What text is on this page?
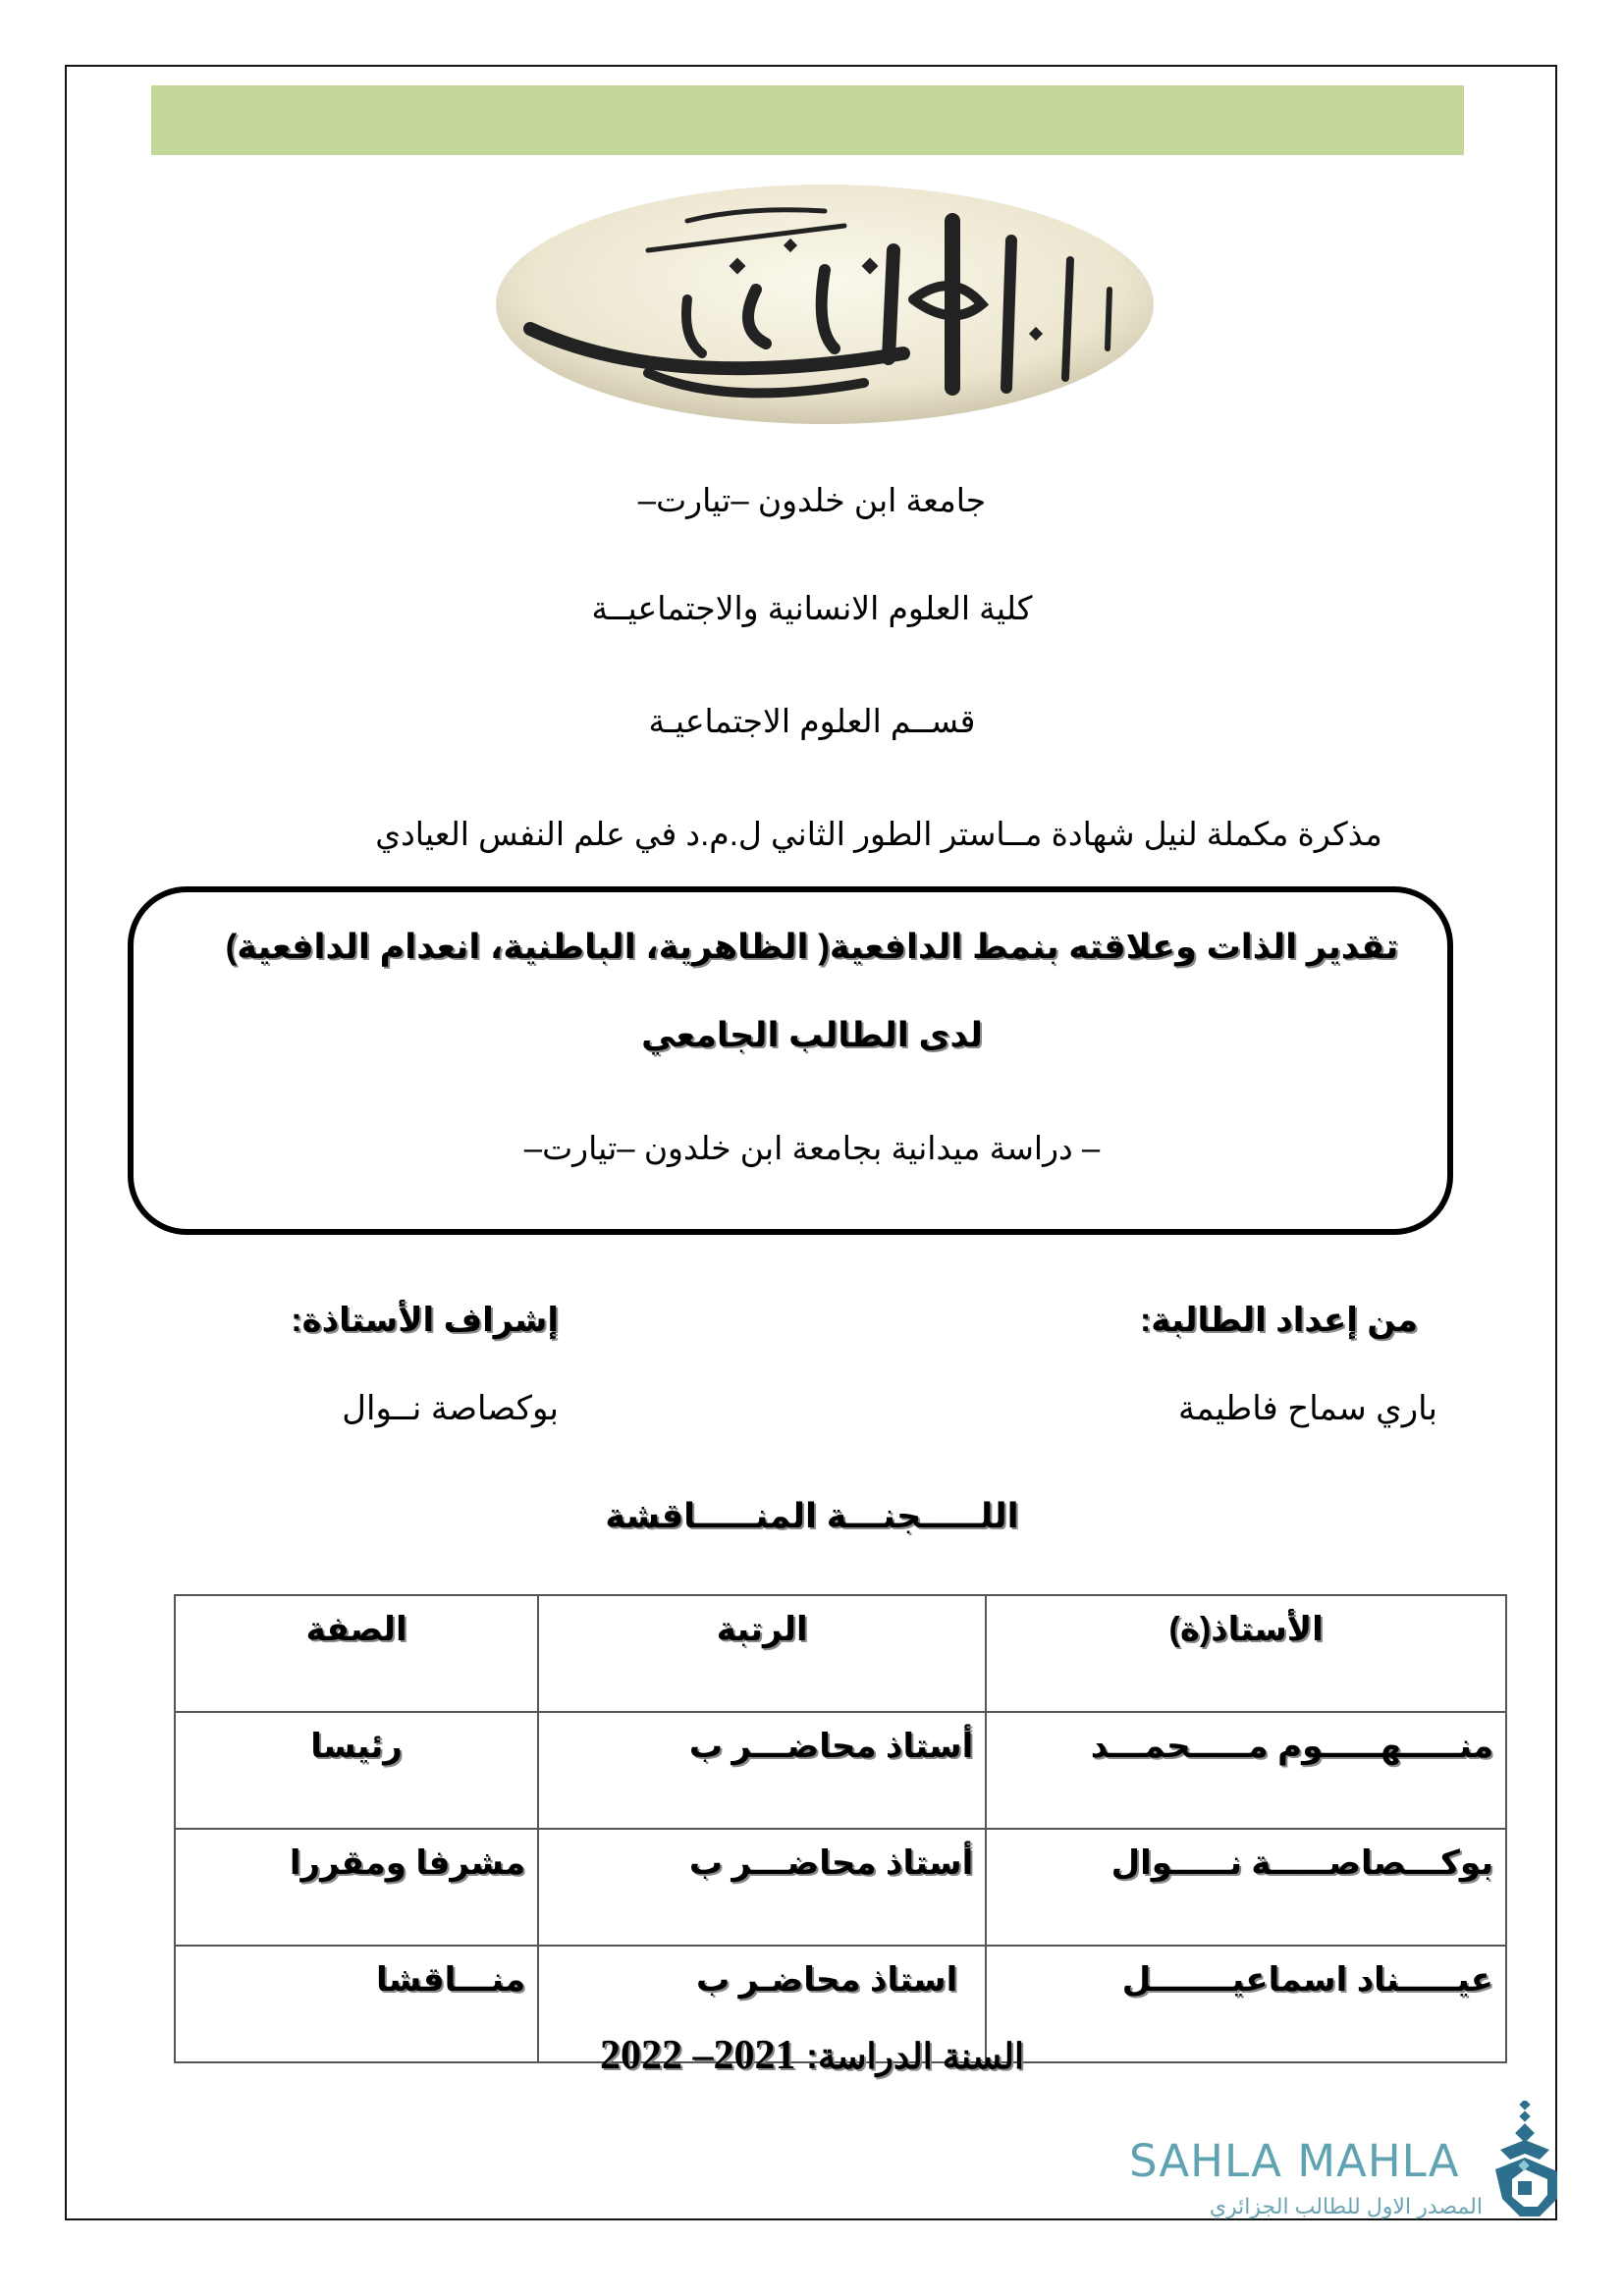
جامعة ابن خلدون –تيارت–
كلية العلوم الانسانية والاجتماعيــة
قســم العلوم الاجتماعيـة
مذكرة مكملة لنيل شهادة مــاستر الطور الثاني ل.م.د في علم النفس العيادي
تقدير الذات وعلاقته بنمط الدافعية( الظاهرية، الباطنية، انعدام الدافعية)
لدى الطالب الجامعي
– دراسة ميدانية بجامعة ابن خلدون –تيارت–
من إعداد الطالبة:
باري سماح فاطيمة
إشراف الأستاذة:
بوكصاصة نــوال
اللـــــجنـــة المنـــــاقشة
الأستاذ(ة)	الرتبة	الصفة
منـــــهـــــوم مـــــحمـــد	أستاذ محاضـــر ب	رئيسا
بوكـــصاصـــــة نـــــوال	أستاذ محاضـــر ب	مشرفا ومقررا
عيـــــناد اسماعيـــــــل	استاذ محاضـر ب	منـــاقشا
السنة الدراسة: 2021– 2022
SAHLA MAHLA
المصدر الاول للطالب الجزائري
